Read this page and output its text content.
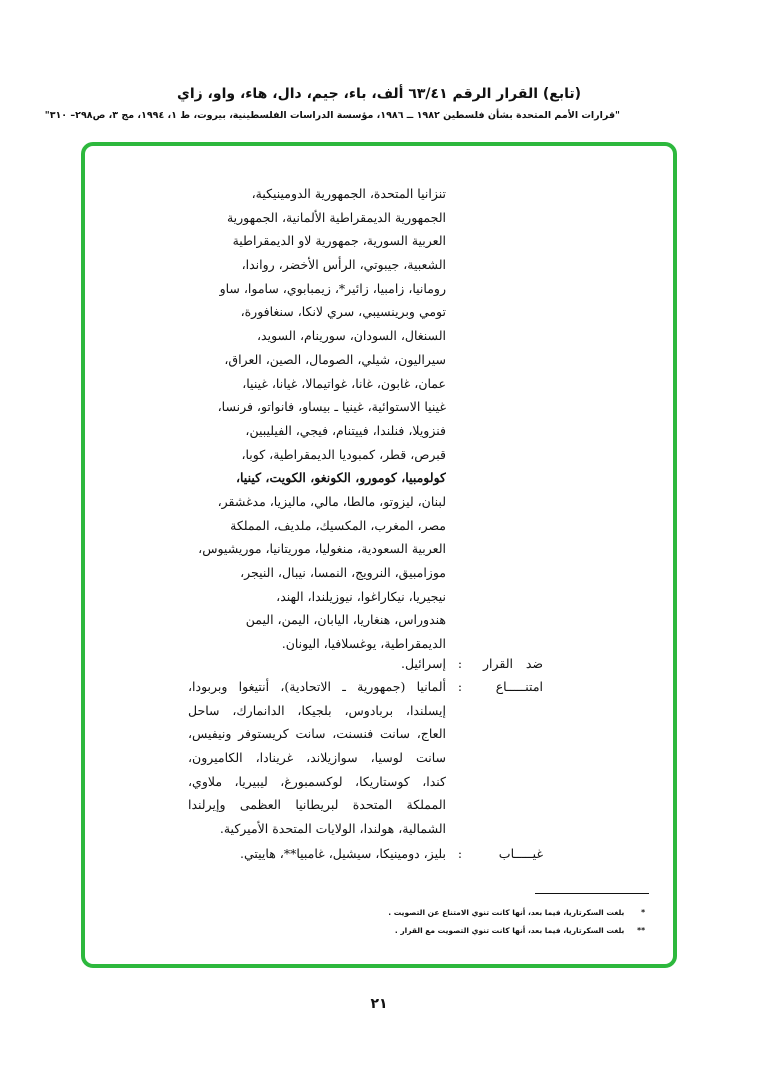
(تابع) القرار الرقم ٦٣/٤١ ألف، باء، جيم، دال، هاء، واو، زاي
"قرارات الأمم المتحدة بشأن فلسطين ١٩٨٢ ــ ١٩٨٦، مؤسسة الدراسات الفلسطينية، بيروت، ط ١، ١٩٩٤، مج ٣، ص٢٩٨– ٣١٠"
تنزانيا المتحدة، الجمهورية الدومينيكية،
الجمهورية الديمقراطية الألمانية، الجمهورية
العربية السورية، جمهورية لاو الديمقراطية
الشعبية، جيبوتي، الرأس الأخضر، رواندا،
رومانيا، زامبيا، زائير*، زيمبابوي، ساموا، ساو
تومي وبرينسيبي، سري لانكا، سنغافورة،
السنغال، السودان، سورينام، السويد،
سيراليون، شيلي، الصومال، الصين، العراق،
عمان، غابون، غانا، غواتيمالا، غيانا، غينيا،
غينيا الاستوائية، غينيا ـ بيساو، فانواتو، فرنسا،
فنزويلا، فنلندا، فييتنام، فيجي، الفيليبين،
قبرص، قطر، كمبوديا الديمقراطية، كوبا،
كولومبيا، كومورو، الكونغو، الكويت، كينيا،
لبنان، ليزوتو، مالطا، مالي، ماليزيا، مدغشقر،
مصر، المغرب، المكسيك، ملديف، المملكة
العربية السعودية، منغوليا، موريتانيا، موريشيوس،
موزامبيق، النرويج، النمسا، نيبال، النيجر،
نيجيريا، نيكاراغوا، نيوزيلندا، الهند،
هندوراس، هنغاريا، اليابان، اليمن، اليمن
الديمقراطية، يوغسلافيا، اليونان.
ضد القرار
:
إسرائيل.
امتنـــــاع
:
ألمانيا (جمهورية ـ الاتحادية)، أنتيغوا وبربودا،
إيسلندا، بربادوس، بلجيكا، الدانمارك، ساحل
العاج، سانت فنسنت، سانت كريستوفر ونيفيس،
سانت لوسيا، سوازيلاند، غرينادا، الكاميرون،
كندا، كوستاريكا، لوكسمبورغ، ليبيريا، ملاوي،
المملكة المتحدة لبريطانيا العظمى وإيرلندا
الشمالية، هولندا، الولايات المتحدة الأميركية.
غيـــــاب
:
بليز، دومينيكا، سيشيل، غامبيا**، هاييتي.
* بلغت السكرتاريا، فيما بعد، أنها كانت تنوي الامتناع عن التصويت .
** بلغت السكرتاريا، فيما بعد، أنها كانت تنوي التصويت مع القرار .
٢١
